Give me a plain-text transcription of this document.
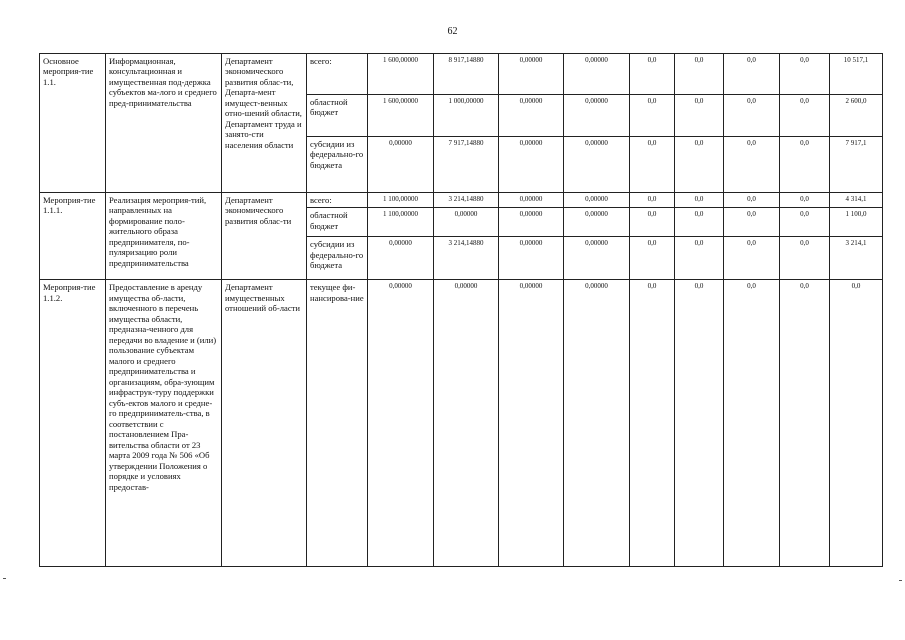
62
Основное мероприя-тие 1.1.	Информационная, консультационная и имущественная под-держка субъектов ма-лого и среднего пред-принимательства	Департамент экономического развития облас-ти, Департа-мент имущест-венных отно-шений области, Департамент труда и занято-сти населения области	всего:	1 600,00000	8 917,14880	0,00000	0,00000	0,0	0,0	0,0	0,0	10 517,1
			областной бюджет	1 600,00000	1 000,00000	0,00000	0,00000	0,0	0,0	0,0	0,0	2 600,0
			субсидии из федерально-го бюджета	0,00000	7 917,14880	0,00000	0,00000	0,0	0,0	0,0	0,0	7 917,1
Мероприя-тие 1.1.1.	Реализация мероприя-тий, направленных на формирование поло-жительного образа предпринимателя, по-пуляризацию роли предпринимательства	Департамент экономического развития облас-ти	всего:	1 100,00000	3 214,14880	0,00000	0,00000	0,0	0,0	0,0	0,0	4 314,1
			областной бюджет	1 100,00000	0,00000	0,00000	0,00000	0,0	0,0	0,0	0,0	1 100,0
			субсидии из федерально-го бюджета	0,00000	3 214,14880	0,00000	0,00000	0,0	0,0	0,0	0,0	3 214,1
Мероприя-тие 1.1.2.	Предоставление в аренду имущества об-ласти, включенного в перечень имущества области, предназна-ченного для передачи во владение и (или) пользование субъектам малого и среднего предпринимательства и организациям, обра-зующим инфраструк-туру поддержки субъ-ектов малого и средне-го предприниматель-ства, в соответствии с постановлением Пра-вительства области от 23 марта 2009 года № 506 «Об утверждении Положения о порядке и условиях предостав-	Департамент имущественных отношений об-ласти	текущее фи-нансирова-ние	0,00000	0,00000	0,00000	0,00000	0,0	0,0	0,0	0,0	0,0
